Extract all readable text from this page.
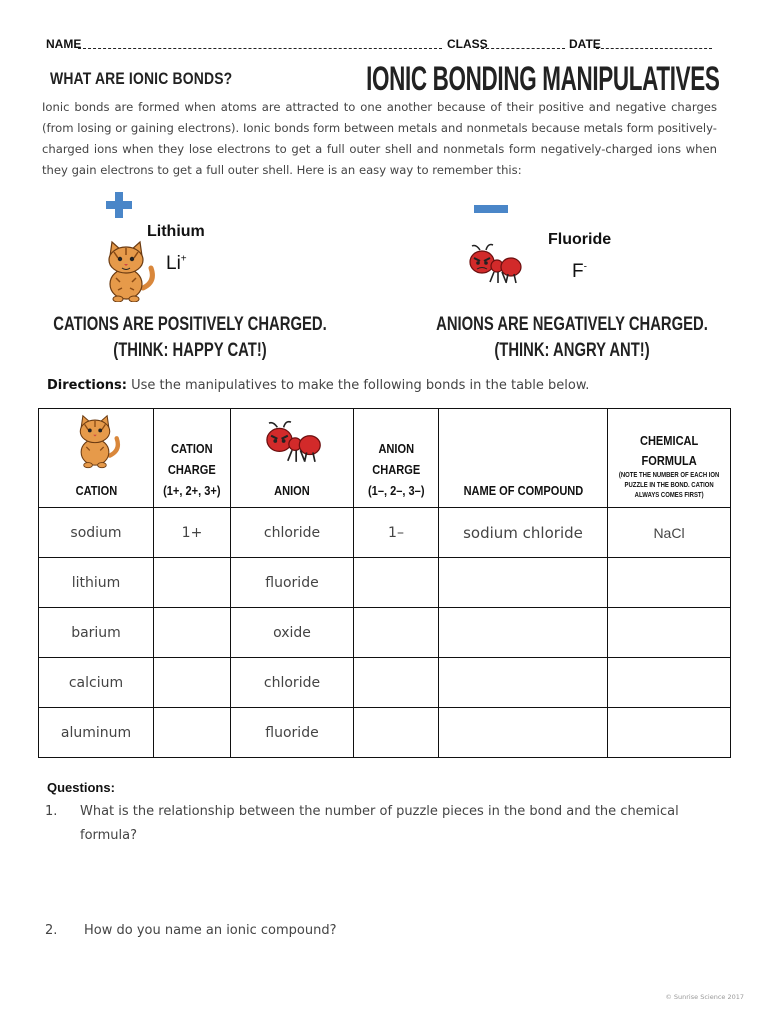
NAME	CLASS	DATE
WHAT ARE IONIC BONDS?	IONIC BONDING MANIPULATIVES
Ionic bonds are formed when atoms are attracted to one another because of their positive and negative charges (from losing or gaining electrons). Ionic bonds form between metals and nonmetals because metals form positively-charged ions when they lose electrons to get a full outer shell and nonmetals form negatively-charged ions when they gain electrons to get a full outer shell. Here is an easy way to remember this:
Lithium
Li+
CATIONS ARE POSITIVELY CHARGED.
(THINK: HAPPY CAT!)
Fluoride
F-
ANIONS ARE NEGATIVELY CHARGED.
(THINK: ANGRY ANT!)
Directions: Use the manipulatives to make the following bonds in the table below.
CATION	CATION
CHARGE
(1+, 2+, 3+)	ANION	ANION
CHARGE
(1–, 2–, 3–)	NAME OF COMPOUND	CHEMICAL
FORMULA
(NOTE THE NUMBER OF EACH ION
PUZZLE IN THE BOND. CATION
ALWAYS COMES FIRST)

sodium	1+	chloride	1–	sodium chloride	NaCl
lithium		fluoride			
barium		oxide			
calcium		chloride			
aluminum		fluoride			
Questions:
1. What is the relationship between the number of puzzle pieces in the bond and the chemical
formula?
2. How do you name an ionic compound?
© Sunrise Science 2017
